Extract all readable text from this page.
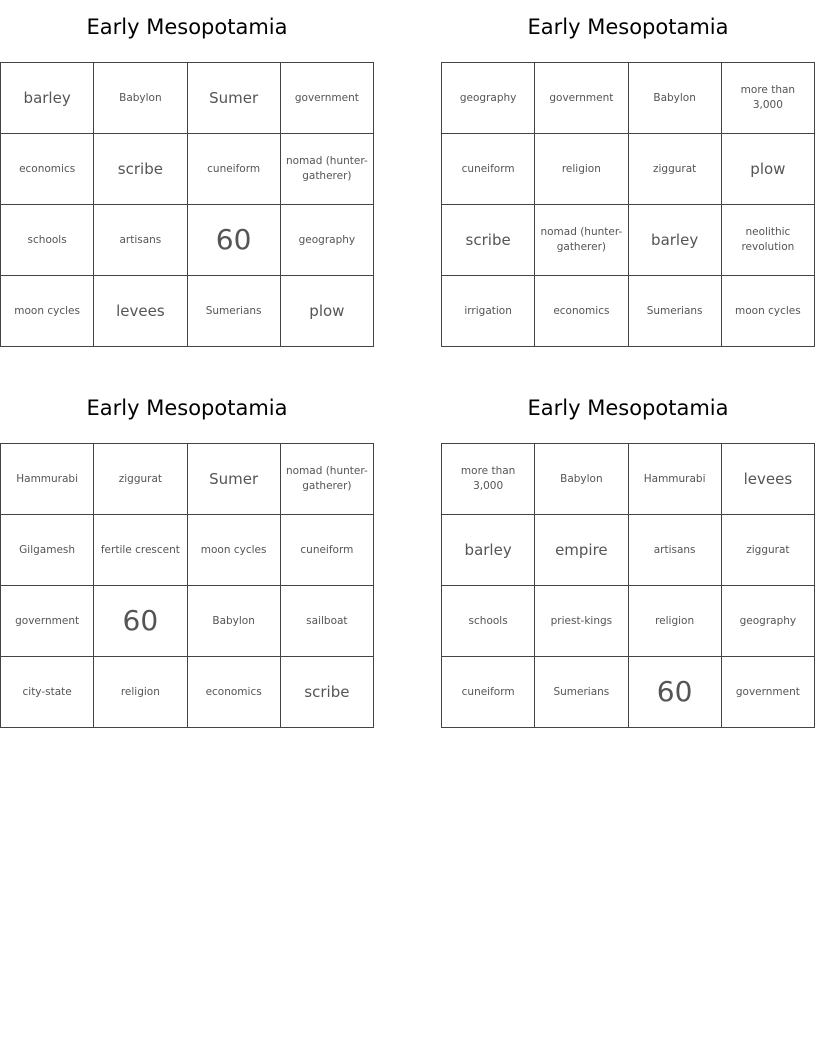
Early Mesopotamia
barley	Babylon	Sumer	government
economics	scribe	cuneiform	nomad (hunter-gatherer)
schools	artisans	60	geography
moon cycles	levees	Sumerians	plow
Early Mesopotamia
geography	government	Babylon	more than 3,000
cuneiform	religion	ziggurat	plow
scribe	nomad (hunter-gatherer)	barley	neolithic revolution
irrigation	economics	Sumerians	moon cycles
Early Mesopotamia
Hammurabi	ziggurat	Sumer	nomad (hunter-gatherer)
Gilgamesh	fertile crescent	moon cycles	cuneiform
government	60	Babylon	sailboat
city-state	religion	economics	scribe
Early Mesopotamia
more than 3,000	Babylon	Hammurabi	levees
barley	empire	artisans	ziggurat
schools	priest-kings	religion	geography
cuneiform	Sumerians	60	government
